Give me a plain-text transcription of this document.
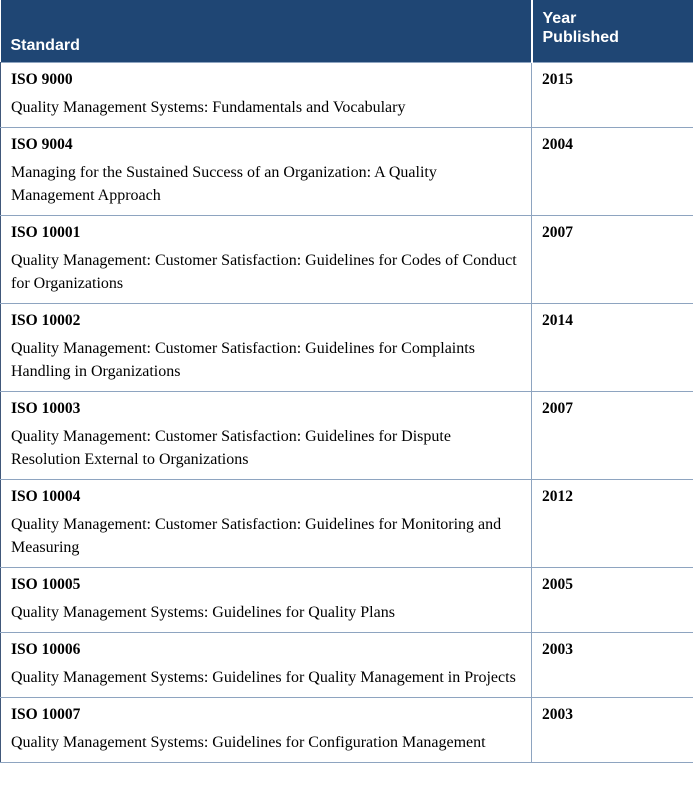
Standard	Year
Published

ISO 9000
Quality Management Systems: Fundamentals and Vocabulary	2015

ISO 9004
Managing for the Sustained Success of an Organization: A Quality Management Approach	2004

ISO 10001
Quality Management: Customer Satisfaction: Guidelines for Codes of Conduct for Organizations	2007

ISO 10002
Quality Management: Customer Satisfaction: Guidelines for Complaints Handling in Organizations	2014

ISO 10003
Quality Management: Customer Satisfaction: Guidelines for Dispute Resolution External to Organizations	2007

ISO 10004
Quality Management: Customer Satisfaction: Guidelines for Monitoring and Measuring	2012

ISO 10005
Quality Management Systems: Guidelines for Quality Plans	2005

ISO 10006
Quality Management Systems: Guidelines for Quality Management in Projects	2003

ISO 10007
Quality Management Systems: Guidelines for Configuration Management	2003
